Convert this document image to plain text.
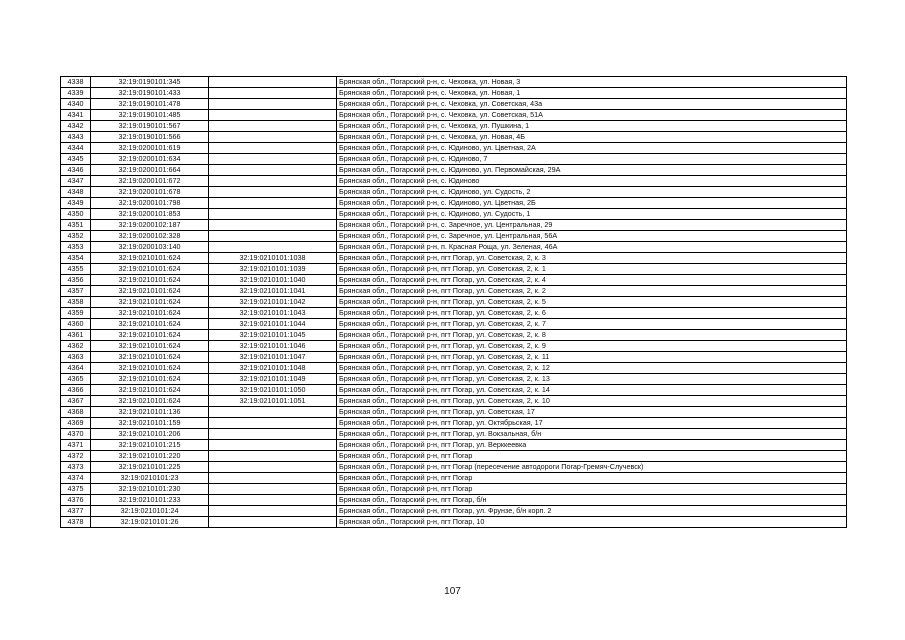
4338	32:19:0190101:345		Брянская обл., Погарский р-н, с. Чеховка, ул. Новая, 3
4339	32:19:0190101:433		Брянская обл., Погарский р-н, с. Чеховка, ул. Новая, 1
4340	32:19:0190101:478		Брянская обл., Погарский р-н, с. Чеховка, ул. Советская, 43а
4341	32:19:0190101:485		Брянская обл., Погарский р-н, с. Чеховка, ул. Советская, 51А
4342	32:19:0190101:567		Брянская обл., Погарский р-н, с. Чеховка, ул. Пушкина, 1
4343	32:19:0190101:566		Брянская обл., Погарский р-н, с. Чеховка, ул. Новая, 4Б
4344	32:19:0200101:619		Брянская обл., Погарский р-н, с. Юдиново, ул. Цветная, 2А
4345	32:19:0200101:634		Брянская обл., Погарский р-н, с. Юдиново, 7
4346	32:19:0200101:664		Брянская обл., Погарский р-н, с. Юдиново, ул. Первомайская, 29А
4347	32:19:0200101:672		Брянская обл., Погарский р-н, с. Юдиново
4348	32:19:0200101:678		Брянская обл., Погарский р-н, с. Юдиново, ул. Судость, 2
4349	32:19:0200101:798		Брянская обл., Погарский р-н, с. Юдиново, ул. Цветная, 2Б
4350	32:19:0200101:853		Брянская обл., Погарский р-н, с. Юдиново, ул. Судость, 1
4351	32:19:0200102:187		Брянская обл., Погарский р-н, с. Заречное, ул. Центральная, 29
4352	32:19:0200102:328		Брянская обл., Погарский р-н, с. Заречное, ул. Центральная, 56А
4353	32:19:0200103:140		Брянская обл., Погарский р-н, п. Красная Роща, ул. Зеленая, 46А
4354	32:19:0210101:624	32:19:0210101:1038	Брянская обл., Погарский р-н, пгт Погар, ул. Советская, 2, к. 3
4355	32:19:0210101:624	32:19:0210101:1039	Брянская обл., Погарский р-н, пгт Погар, ул. Советская, 2, к. 1
4356	32:19:0210101:624	32:19:0210101:1040	Брянская обл., Погарский р-н, пгт Погар, ул. Советская, 2, к. 4
4357	32:19:0210101:624	32:19:0210101:1041	Брянская обл., Погарский р-н, пгт Погар, ул. Советская, 2, к. 2
4358	32:19:0210101:624	32:19:0210101:1042	Брянская обл., Погарский р-н, пгт Погар, ул. Советская, 2, к. 5
4359	32:19:0210101:624	32:19:0210101:1043	Брянская обл., Погарский р-н, пгт Погар, ул. Советская, 2, к. 6
4360	32:19:0210101:624	32:19:0210101:1044	Брянская обл., Погарский р-н, пгт Погар, ул. Советская, 2, к. 7
4361	32:19:0210101:624	32:19:0210101:1045	Брянская обл., Погарский р-н, пгт Погар, ул. Советская, 2, к. 8
4362	32:19:0210101:624	32:19:0210101:1046	Брянская обл., Погарский р-н, пгт Погар, ул. Советская, 2, к. 9
4363	32:19:0210101:624	32:19:0210101:1047	Брянская обл., Погарский р-н, пгт Погар, ул. Советская, 2, к. 11
4364	32:19:0210101:624	32:19:0210101:1048	Брянская обл., Погарский р-н, пгт Погар, ул. Советская, 2, к. 12
4365	32:19:0210101:624	32:19:0210101:1049	Брянская обл., Погарский р-н, пгт Погар, ул. Советская, 2, к. 13
4366	32:19:0210101:624	32:19:0210101:1050	Брянская обл., Погарский р-н, пгт Погар, ул. Советская, 2, к. 14
4367	32:19:0210101:624	32:19:0210101:1051	Брянская обл., Погарский р-н, пгт Погар, ул. Советская, 2, к. 10
4368	32:19:0210101:136		Брянская обл., Погарский р-н, пгт Погар, ул. Советская, 17
4369	32:19:0210101:159		Брянская обл., Погарский р-н, пгт Погар, ул. Октябрьская, 17
4370	32:19:0210101:206		Брянская обл., Погарский р-н, пгт Погар, ул. Вокзальная, б/н
4371	32:19:0210101:215		Брянская обл., Погарский р-н, пгт Погар, ул. Верккеевка
4372	32:19:0210101:220		Брянская обл., Погарский р-н, пгт Погар
4373	32:19:0210101:225		Брянская обл., Погарский р-н, пгт Погар (пересечение автодороги Погар-Гремяч-Случевск)
4374	32:19:0210101:23		Брянская обл., Погарский р-н, пгт Погар
4375	32:19:0210101:230		Брянская обл., Погарский р-н, пгт Погар
4376	32:19:0210101:233		Брянская обл., Погарский р-н, пгт Погар, б/н
4377	32:19:0210101:24		Брянская обл., Погарский р-н, пгт Погар, ул. Фрунзе, б/н корп. 2
4378	32:19:0210101:26		Брянская обл., Погарский р-н, пгт Погар, 10
107
